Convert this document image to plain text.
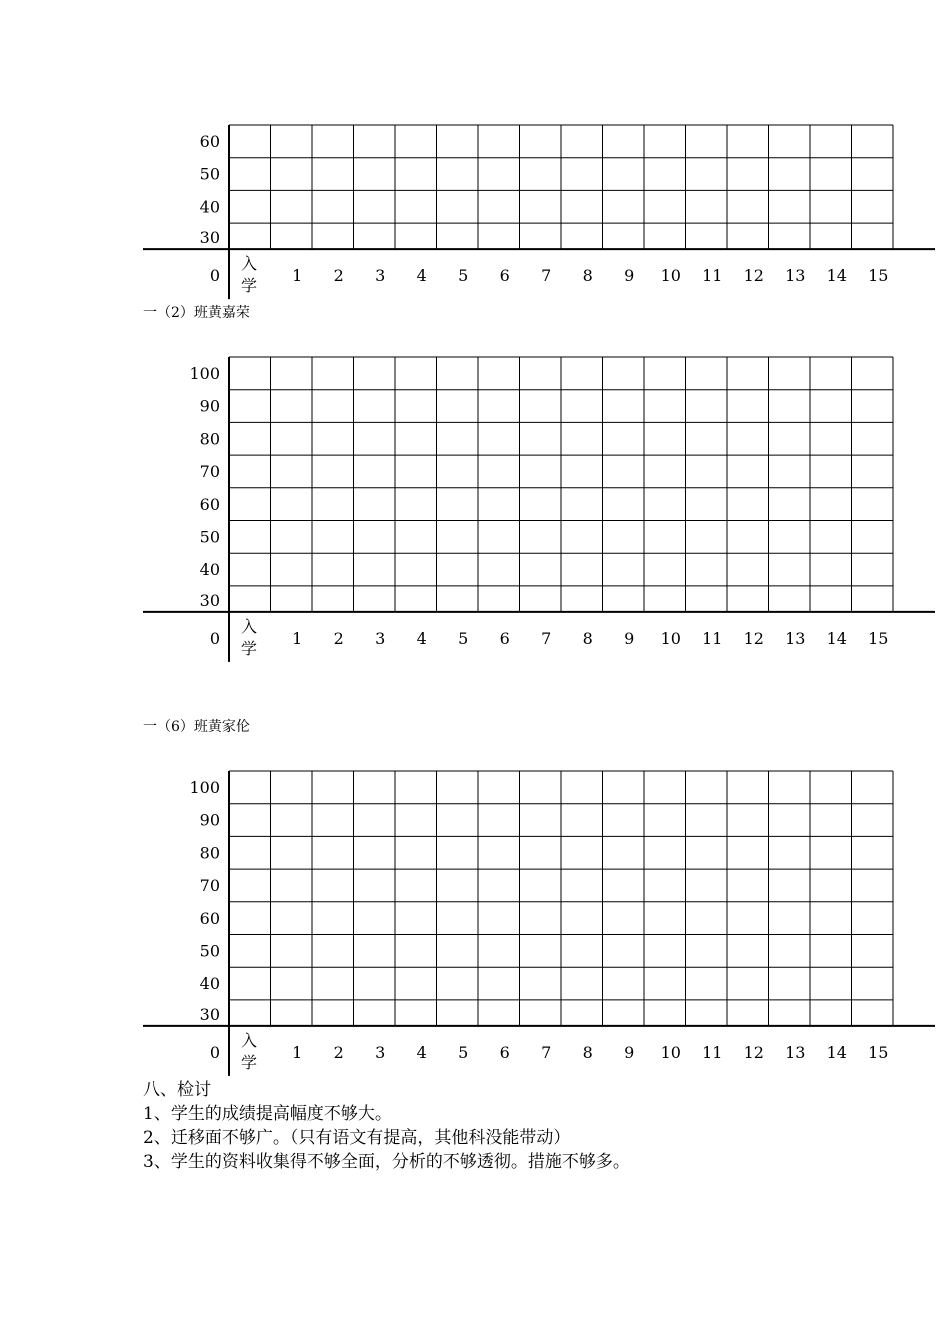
60
50
40
30
0
入
学
1 2 3 4 5 6 7 8 9 10 11 12 13 14 15
一（2）班黄嘉荣
100
90
80
70
60
50
40
30
0
入
学
1 2 3 4 5 6 7 8 9 10 11 12 13 14 15
一（6）班黄家伦
100
90
80
70
60
50
40
30
0
入
学
1 2 3 4 5 6 7 8 9 10 11 12 13 14 15
八、检讨
1、学生的成绩提高幅度不够大。
2、迁移面不够广。（只有语文有提高，其他科没能带动）
3、学生的资料收集得不够全面，分析的不够透彻。措施不够多。
